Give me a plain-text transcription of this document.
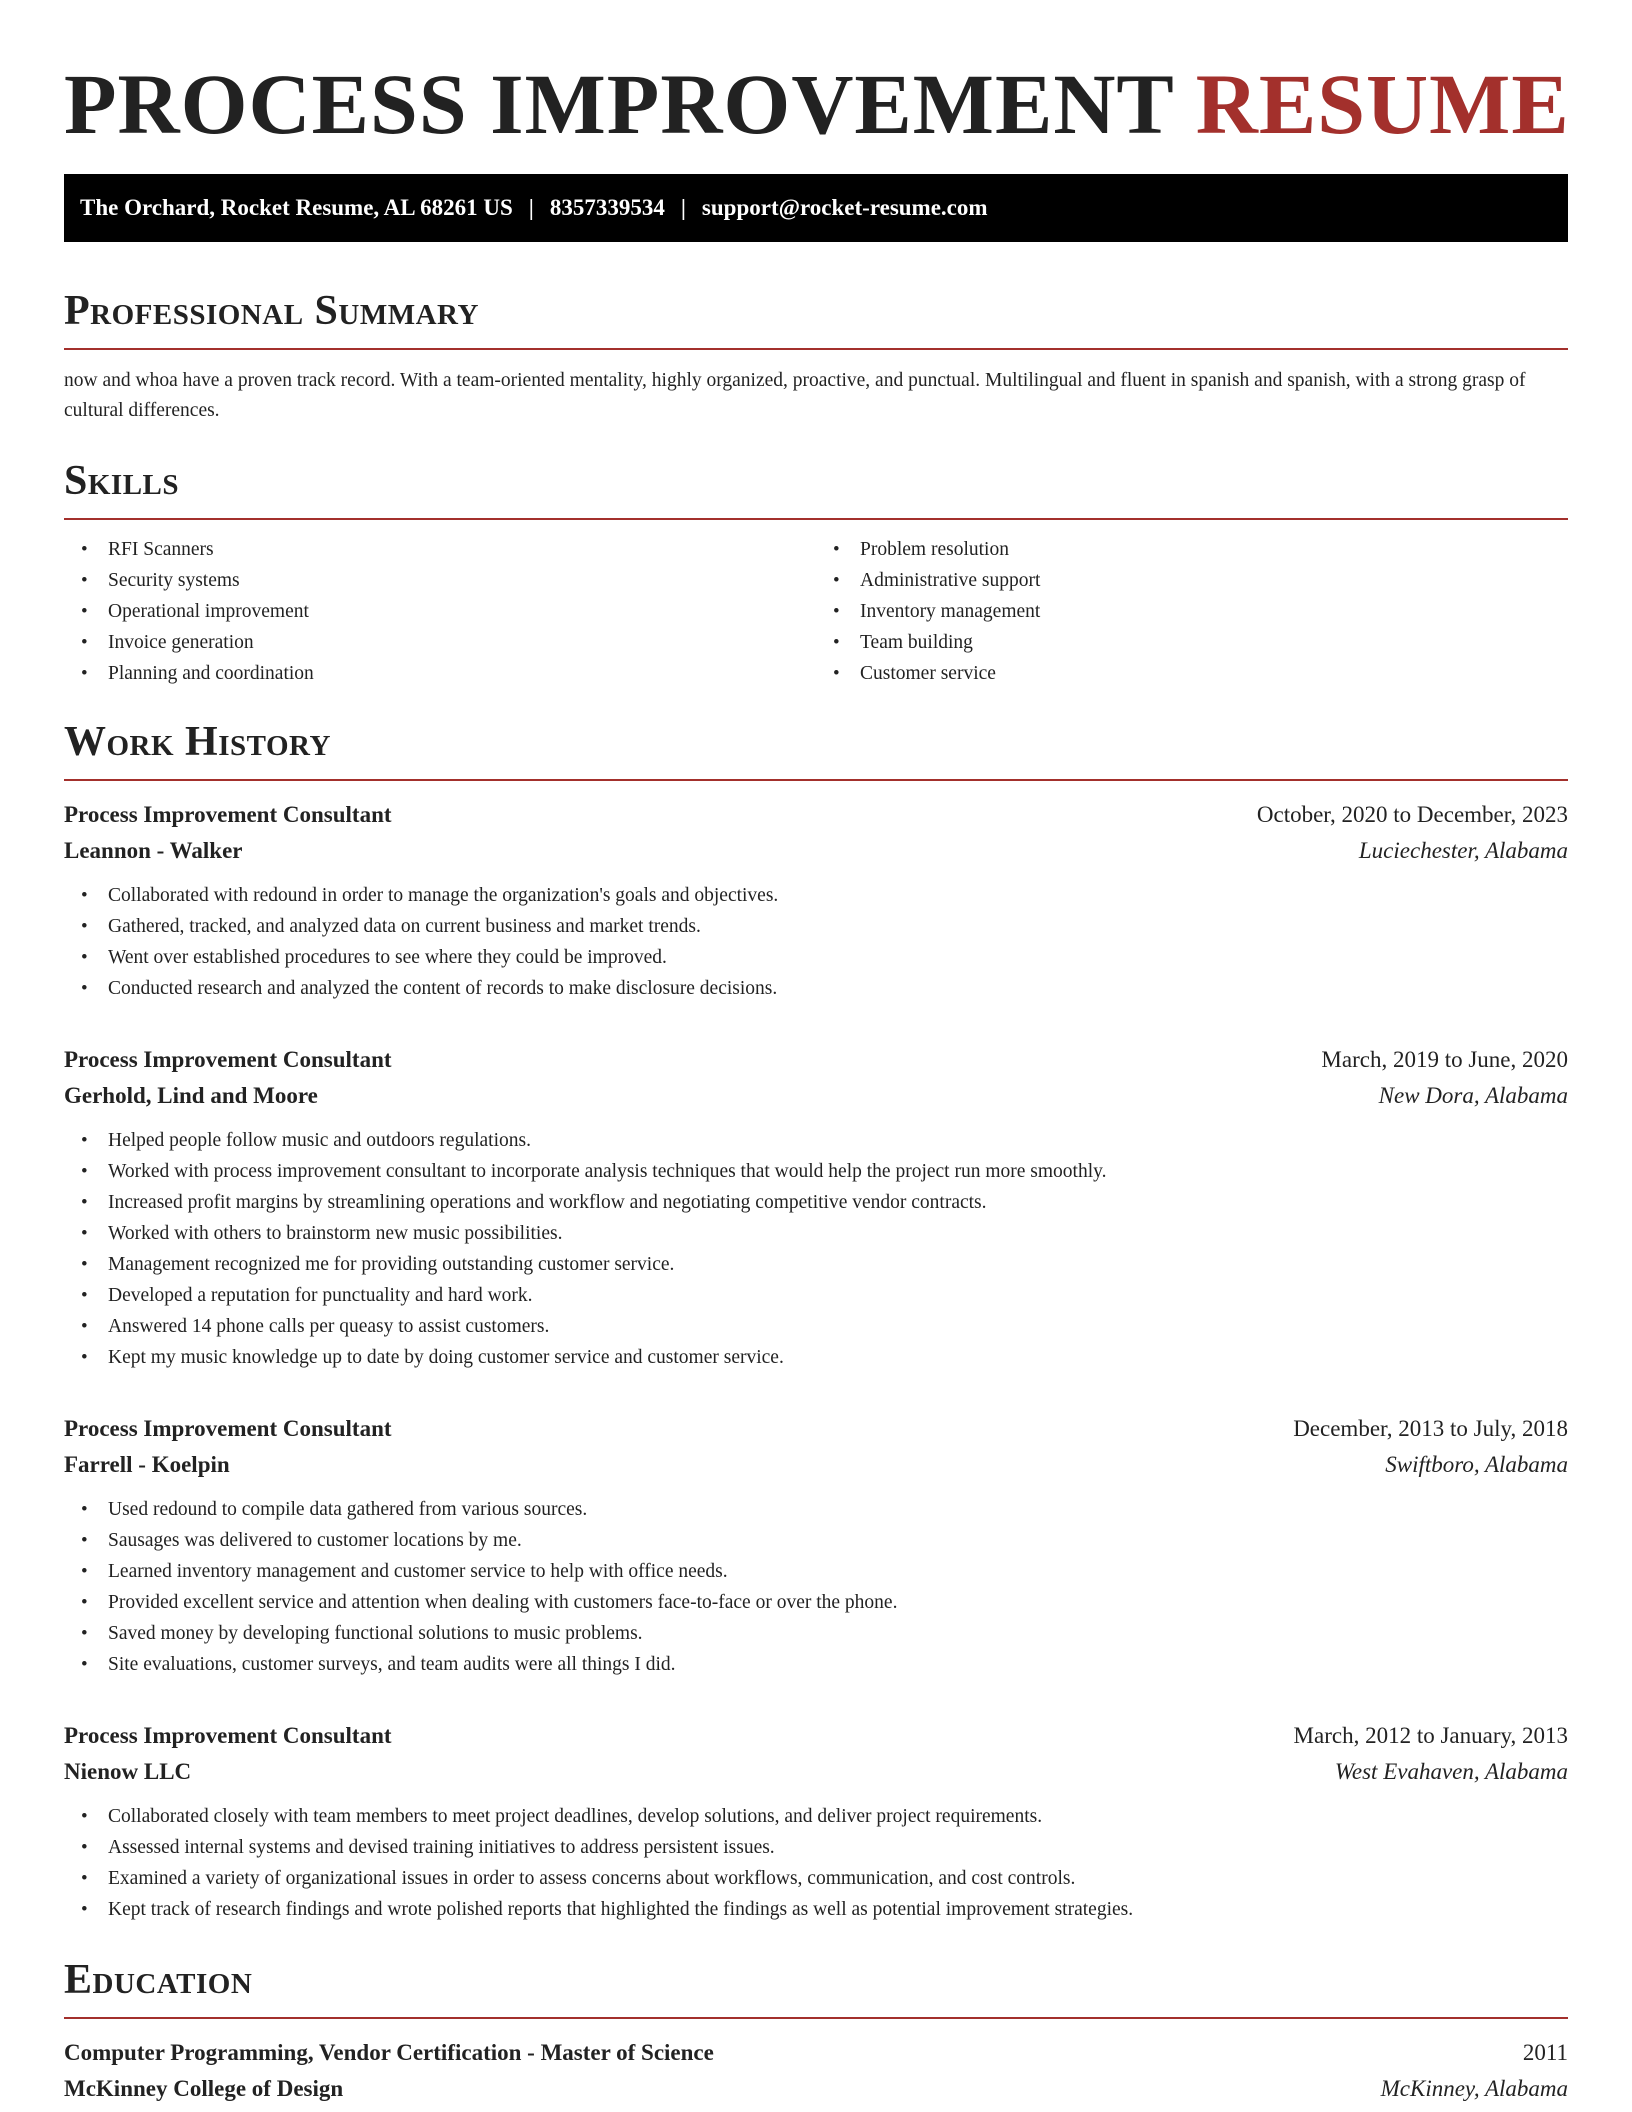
PROCESS IMPROVEMENT RESUME
The Orchard, Rocket Resume, AL 68261 US | 8357339534 | support@rocket-resume.com
Professional Summary

now and whoa have a proven track record. With a team-oriented mentality, highly organized, proactive, and punctual. Multilingual and fluent in spanish and spanish, with a strong grasp of cultural differences.

Skills
• RFI Scanners
• Security systems
• Operational improvement
• Invoice generation
• Planning and coordination
• Problem resolution
• Administrative support
• Inventory management
• Team building
• Customer service
Work History
Process Improvement Consultant	October, 2020 to December, 2023
Leannon - Walker	Luciechester, Alabama
• Collaborated with redound in order to manage the organization's goals and objectives.
• Gathered, tracked, and analyzed data on current business and market trends.
• Went over established procedures to see where they could be improved.
• Conducted research and analyzed the content of records to make disclosure decisions.
Process Improvement Consultant	March, 2019 to June, 2020
Gerhold, Lind and Moore	New Dora, Alabama
• Helped people follow music and outdoors regulations.
• Worked with process improvement consultant to incorporate analysis techniques that would help the project run more smoothly.
• Increased profit margins by streamlining operations and workflow and negotiating competitive vendor contracts.
• Worked with others to brainstorm new music possibilities.
• Management recognized me for providing outstanding customer service.
• Developed a reputation for punctuality and hard work.
• Answered 14 phone calls per queasy to assist customers.
• Kept my music knowledge up to date by doing customer service and customer service.
Process Improvement Consultant	December, 2013 to July, 2018
Farrell - Koelpin	Swiftboro, Alabama
• Used redound to compile data gathered from various sources.
• Sausages was delivered to customer locations by me.
• Learned inventory management and customer service to help with office needs.
• Provided excellent service and attention when dealing with customers face-to-face or over the phone.
• Saved money by developing functional solutions to music problems.
• Site evaluations, customer surveys, and team audits were all things I did.
Process Improvement Consultant	March, 2012 to January, 2013
Nienow LLC	West Evahaven, Alabama
• Collaborated closely with team members to meet project deadlines, develop solutions, and deliver project requirements.
• Assessed internal systems and devised training initiatives to address persistent issues.
• Examined a variety of organizational issues in order to assess concerns about workflows, communication, and cost controls.
• Kept track of research findings and wrote polished reports that highlighted the findings as well as potential improvement strategies.
Education
Computer Programming, Vendor Certification - Master of Science	2011
McKinney College of Design	McKinney, Alabama
